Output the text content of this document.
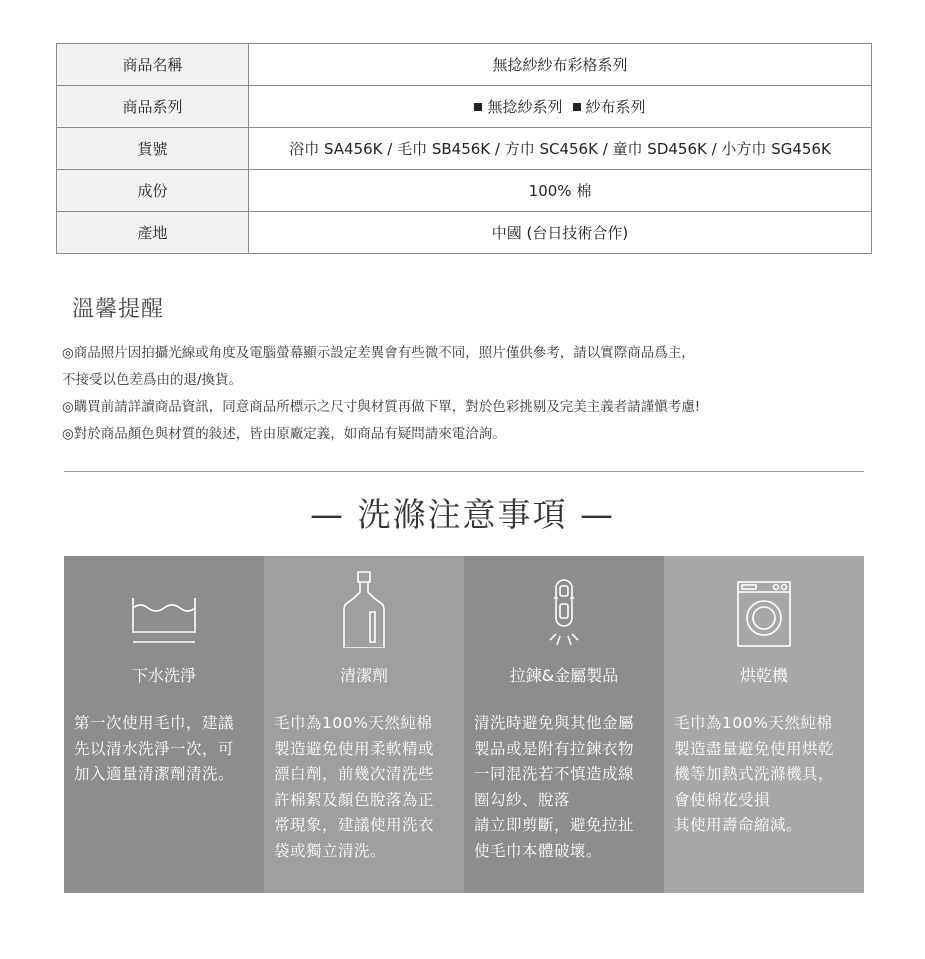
商品名稱	無捻紗紗布彩格系列
商品系列	無捻紗系列 紗布系列
貨號	浴巾 SA456K / 毛巾 SB456K / 方巾 SC456K / 童巾 SD456K / 小方巾 SG456K
成份	100% 棉
產地	中國 (台日技術合作)
溫馨提醒

◎商品照片因拍攝光線或角度及電腦螢幕顯示設定差異會有些微不同，照片僅供參考，請以實際商品爲主，

不接受以色差爲由的退/換貨。

◎購買前請詳讀商品資訊，同意商品所標示之尺寸與材質再做下單，對於色彩挑剔及完美主義者請謹愼考慮!

◎對於商品顏色與材質的敍述，皆由原廠定義，如商品有疑問請來電洽詢。

— 洗滌注意事項 —
下水洗淨
第一次使用毛巾，建議
先以清水洗淨一次，可
加入適量清潔劑清洗。
清潔劑
毛巾為100%天然純棉
製造避免使用柔軟精或
漂白劑，前幾次清洗些
許棉絮及顏色脫落為正
常現象，建議使用洗衣
袋或獨立清洗。
拉鍊&金屬製品
清洗時避免與其他金屬
製品或是附有拉鍊衣物
一同混洗若不慎造成線
圈勾紗、脫落
請立即剪斷，避免拉扯
使毛巾本體破壞。
烘乾機
毛巾為100%天然純棉
製造盡量避免使用烘乾
機等加熱式洗滌機具，
會使棉花受損
其使用壽命縮減。
